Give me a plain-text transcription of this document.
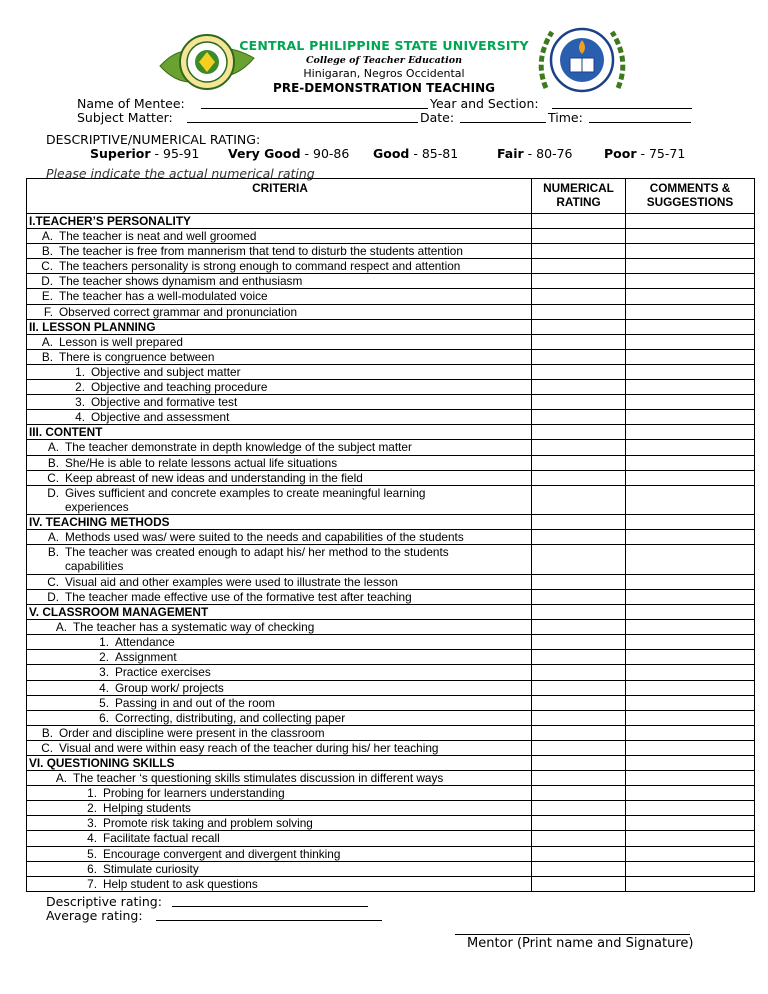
CENTRAL PHILIPPINE STATE UNIVERSITY
College of Teacher Education
Hinigaran, Negros Occidental
PRE-DEMONSTRATION TEACHING
Name of Mentee:	Year and Section:
Subject Matter:	Date:	Time:
DESCRIPTIVE/NUMERICAL RATING:
Superior - 95-91 Very Good - 90-86 Good - 85-81	Fair - 80-76	Poor - 75-71
Please indicate the actual numerical rating
CRITERIA	NUMERICAL RATING	COMMENTS & SUGGESTIONS
I.TEACHER’S PERSONALITY		

A. The teacher is neat and well groomed		

B. The teacher is free from mannerism that tend to disturb the students attention		

C. The teachers personality is strong enough to command respect and attention		

D. The teacher shows dynamism and enthusiasm		

E. The teacher has a well-modulated voice		

F. Observed correct grammar and pronunciation		

II. LESSON PLANNING		

A. Lesson is well prepared		

B. There is congruence between		

1. Objective and subject matter		

2. Objective and teaching procedure		

3. Objective and formative test		

4. Objective and assessment		

III. CONTENT		

A. The teacher demonstrate in depth knowledge of the subject matter		

B. She/He is able to relate lessons actual life situations		

C. Keep abreast of new ideas and understanding in the field		

D. Gives sufficient and concrete examples to create meaningful learning
experiences		

IV. TEACHING METHODS		

A. Methods used was/ were suited to the needs and capabilities of the students		

B. The teacher was created enough to adapt his/ her method to the students
capabilities		

C. Visual aid and other examples were used to illustrate the lesson		

D. The teacher made effective use of the formative test after teaching		

V. CLASSROOM MANAGEMENT		

A. The teacher has a systematic way of checking		

1. Attendance		

2. Assignment		

3. Practice exercises		

4. Group work/ projects		

5. Passing in and out of the room		

6. Correcting, distributing, and collecting paper		

B. Order and discipline were present in the classroom		

C. Visual and were within easy reach of the teacher during his/ her teaching		

VI. QUESTIONING SKILLS		

A. The teacher ‘s questioning skills stimulates discussion in different ways		

1. Probing for learners understanding		

2. Helping students		

3. Promote risk taking and problem solving		

4. Facilitate factual recall		

5. Encourage convergent and divergent thinking		

6. Stimulate curiosity		

7. Help student to ask questions		

Descriptive rating:
Average rating:
Mentor (Print name and Signature)
